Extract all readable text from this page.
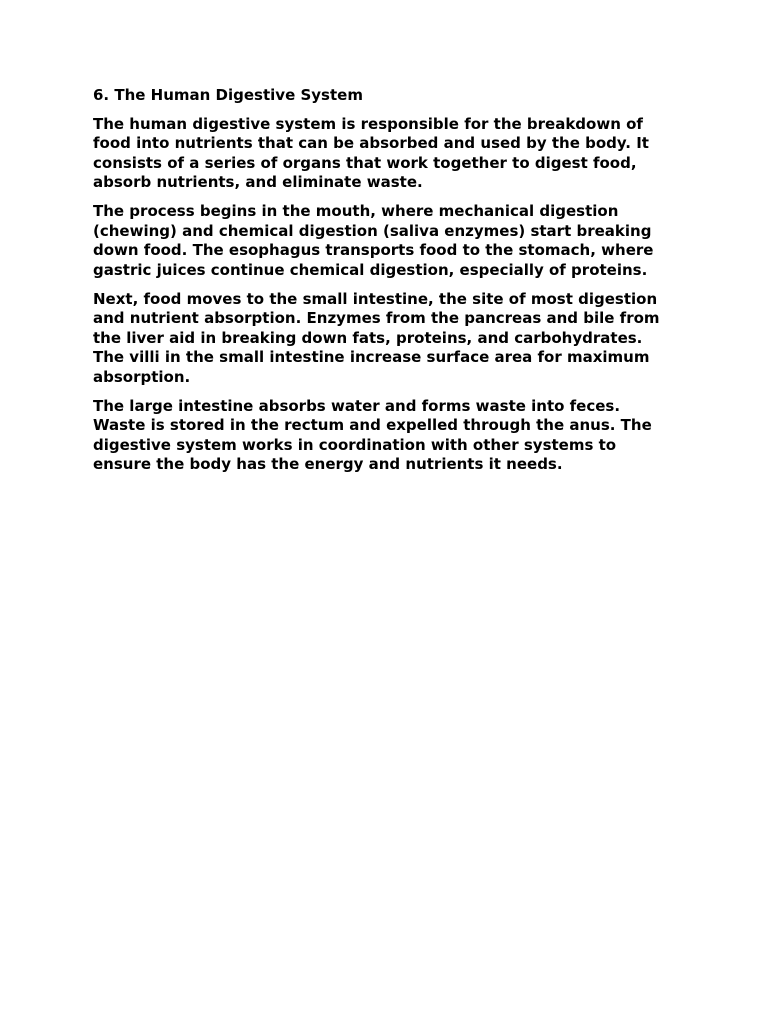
6. The Human Digestive System

The human digestive system is responsible for the breakdown of food into nutrients that can be absorbed and used by the body. It consists of a series of organs that work together to digest food, absorb nutrients, and eliminate waste.

The process begins in the mouth, where mechanical digestion (chewing) and chemical digestion (saliva enzymes) start breaking down food. The esophagus transports food to the stomach, where gastric juices continue chemical digestion, especially of proteins.

Next, food moves to the small intestine, the site of most digestion and nutrient absorption. Enzymes from the pancreas and bile from the liver aid in breaking down fats, proteins, and carbohydrates. The villi in the small intestine increase surface area for maximum absorption.

The large intestine absorbs water and forms waste into feces. Waste is stored in the rectum and expelled through the anus. The digestive system works in coordination with other systems to ensure the body has the energy and nutrients it needs.
